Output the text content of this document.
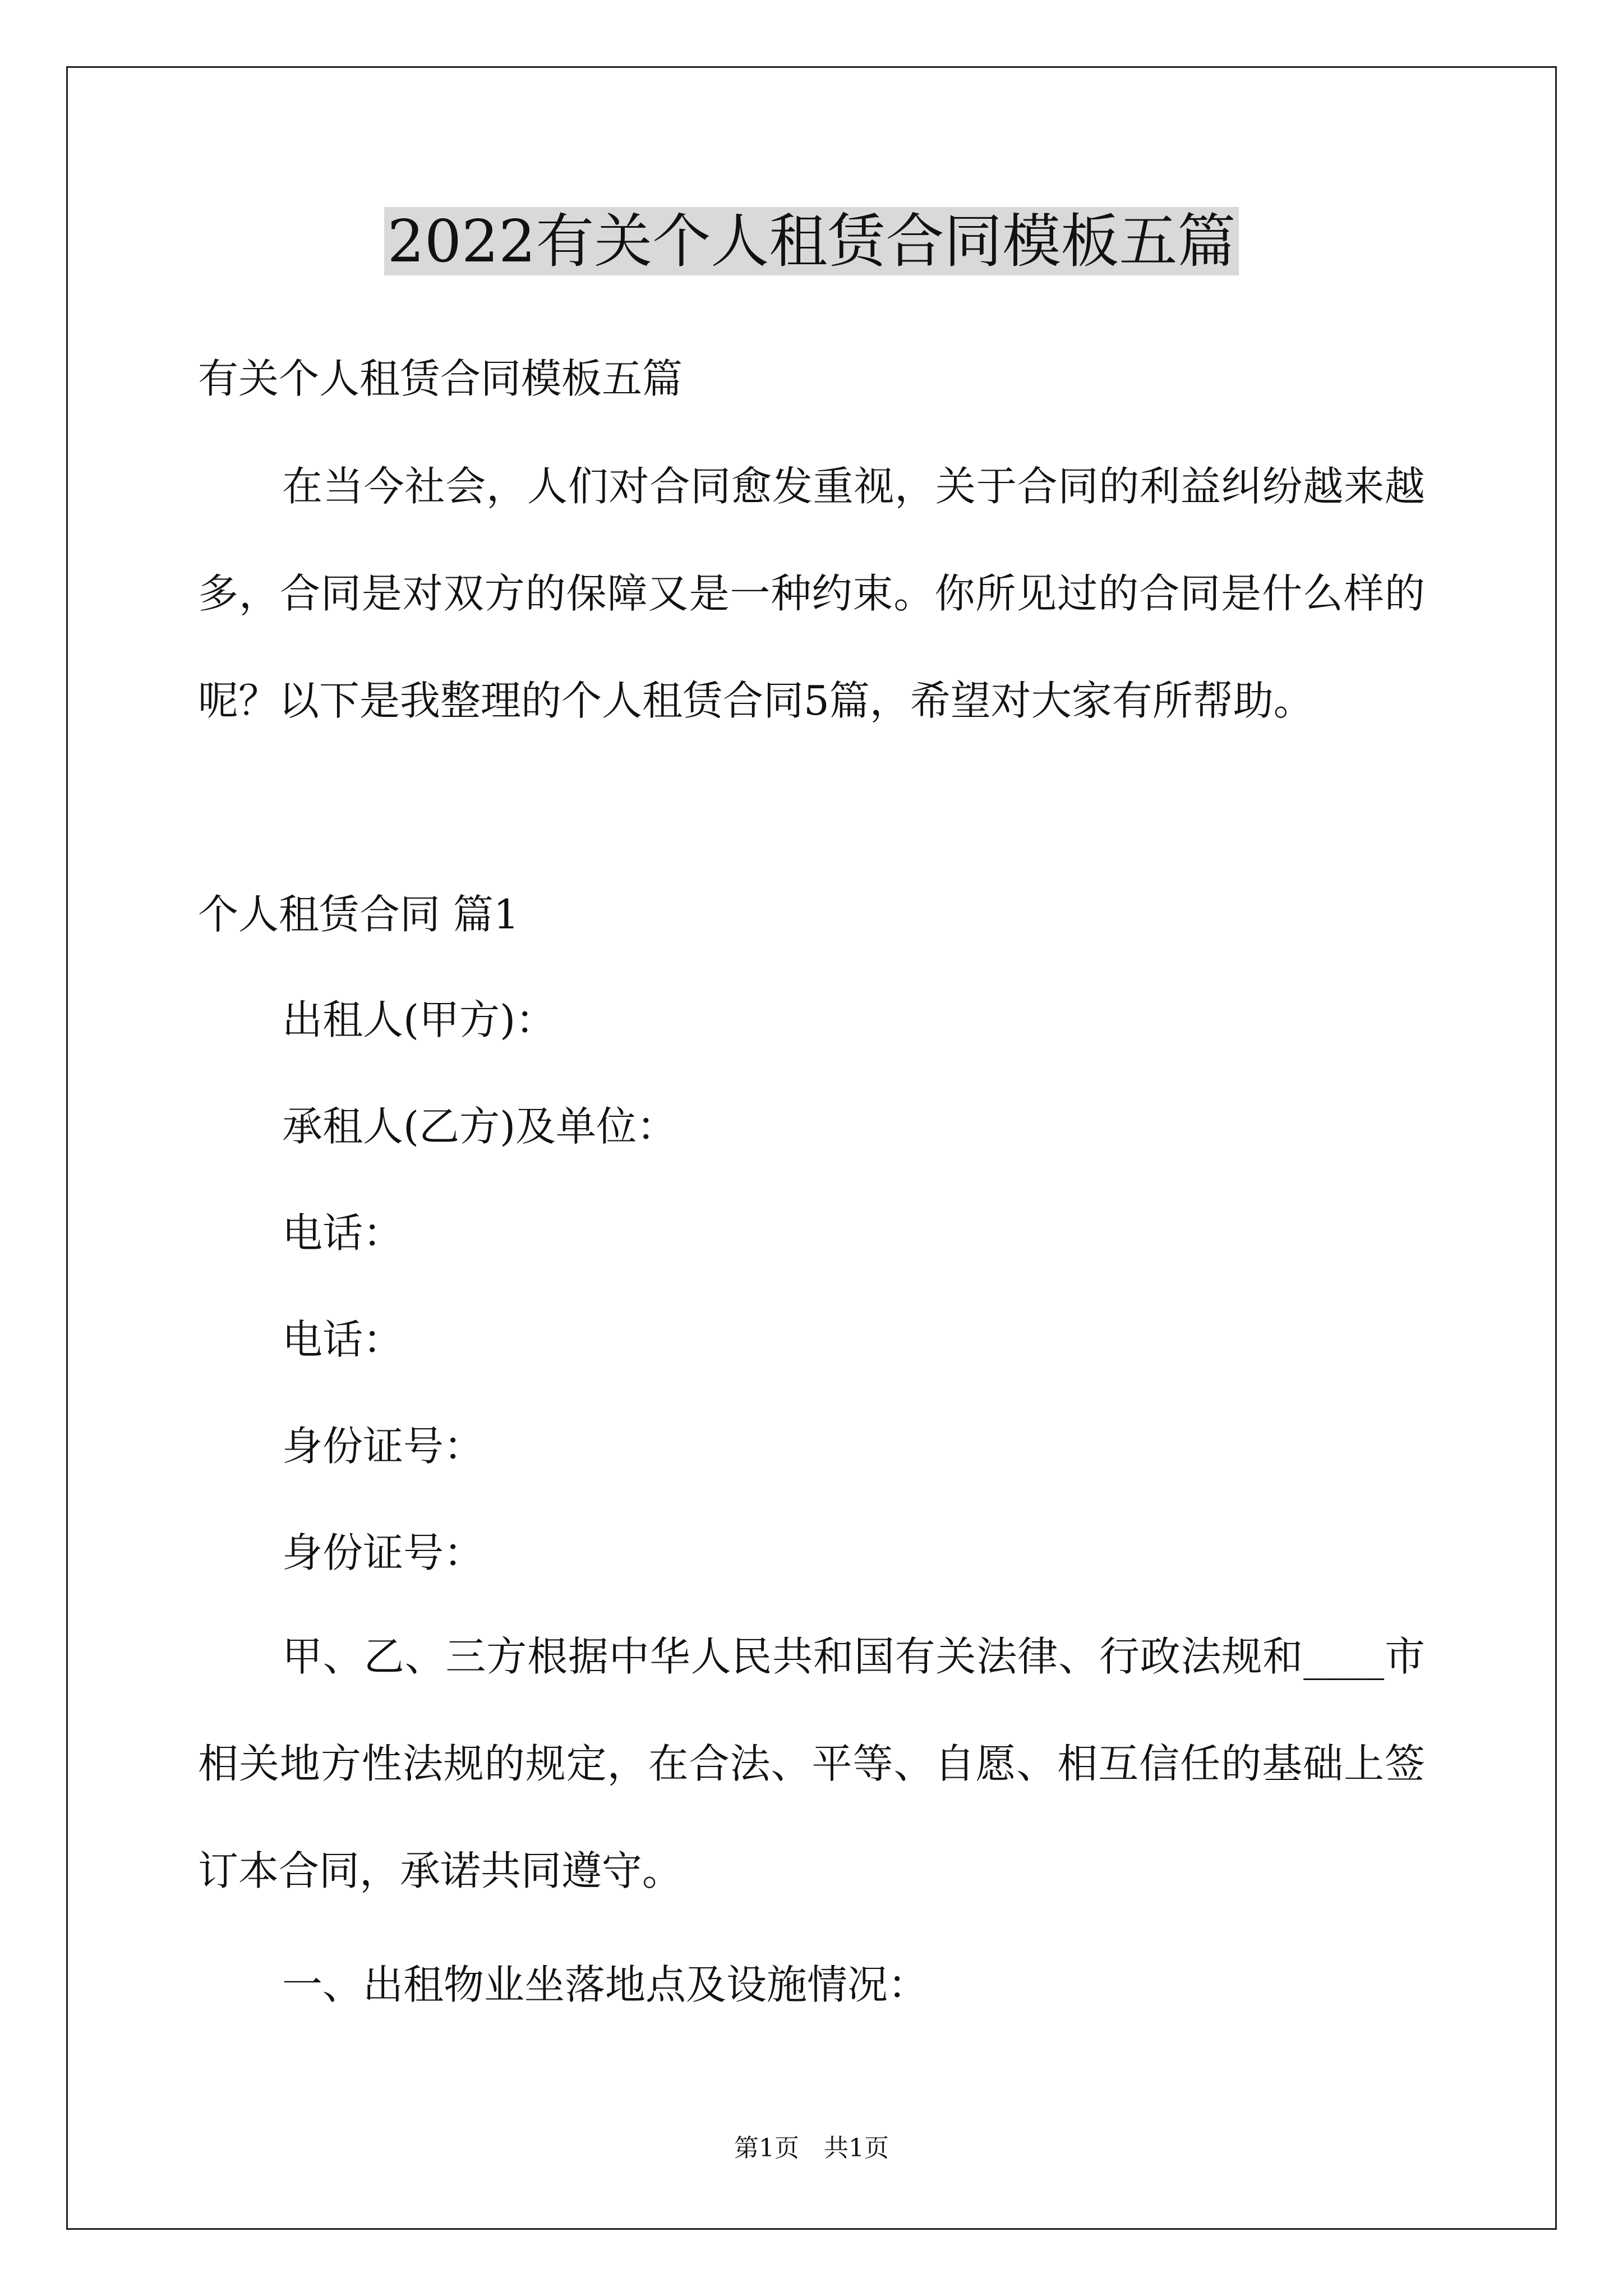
2022有关个人租赁合同模板五篇

有关个人租赁合同模板五篇

在当今社会，人们对合同愈发重视，关于合同的利益纠纷越来越多，合同是对双方的保障又是一种约束。你所见过的合同是什么样的呢？以下是我整理的个人租赁合同5篇，希望对大家有所帮助。

个人租赁合同 篇1

出租人(甲方)：

承租人(乙方)及单位：

电话：

电话：

身份证号：

身份证号：

甲、乙、三方根据中华人民共和国有关法律、行政法规和____市相关地方性法规的规定，在合法、平等、自愿、相互信任的基础上签订本合同，承诺共同遵守。

一、出租物业坐落地点及设施情况：

第1页　共1页
